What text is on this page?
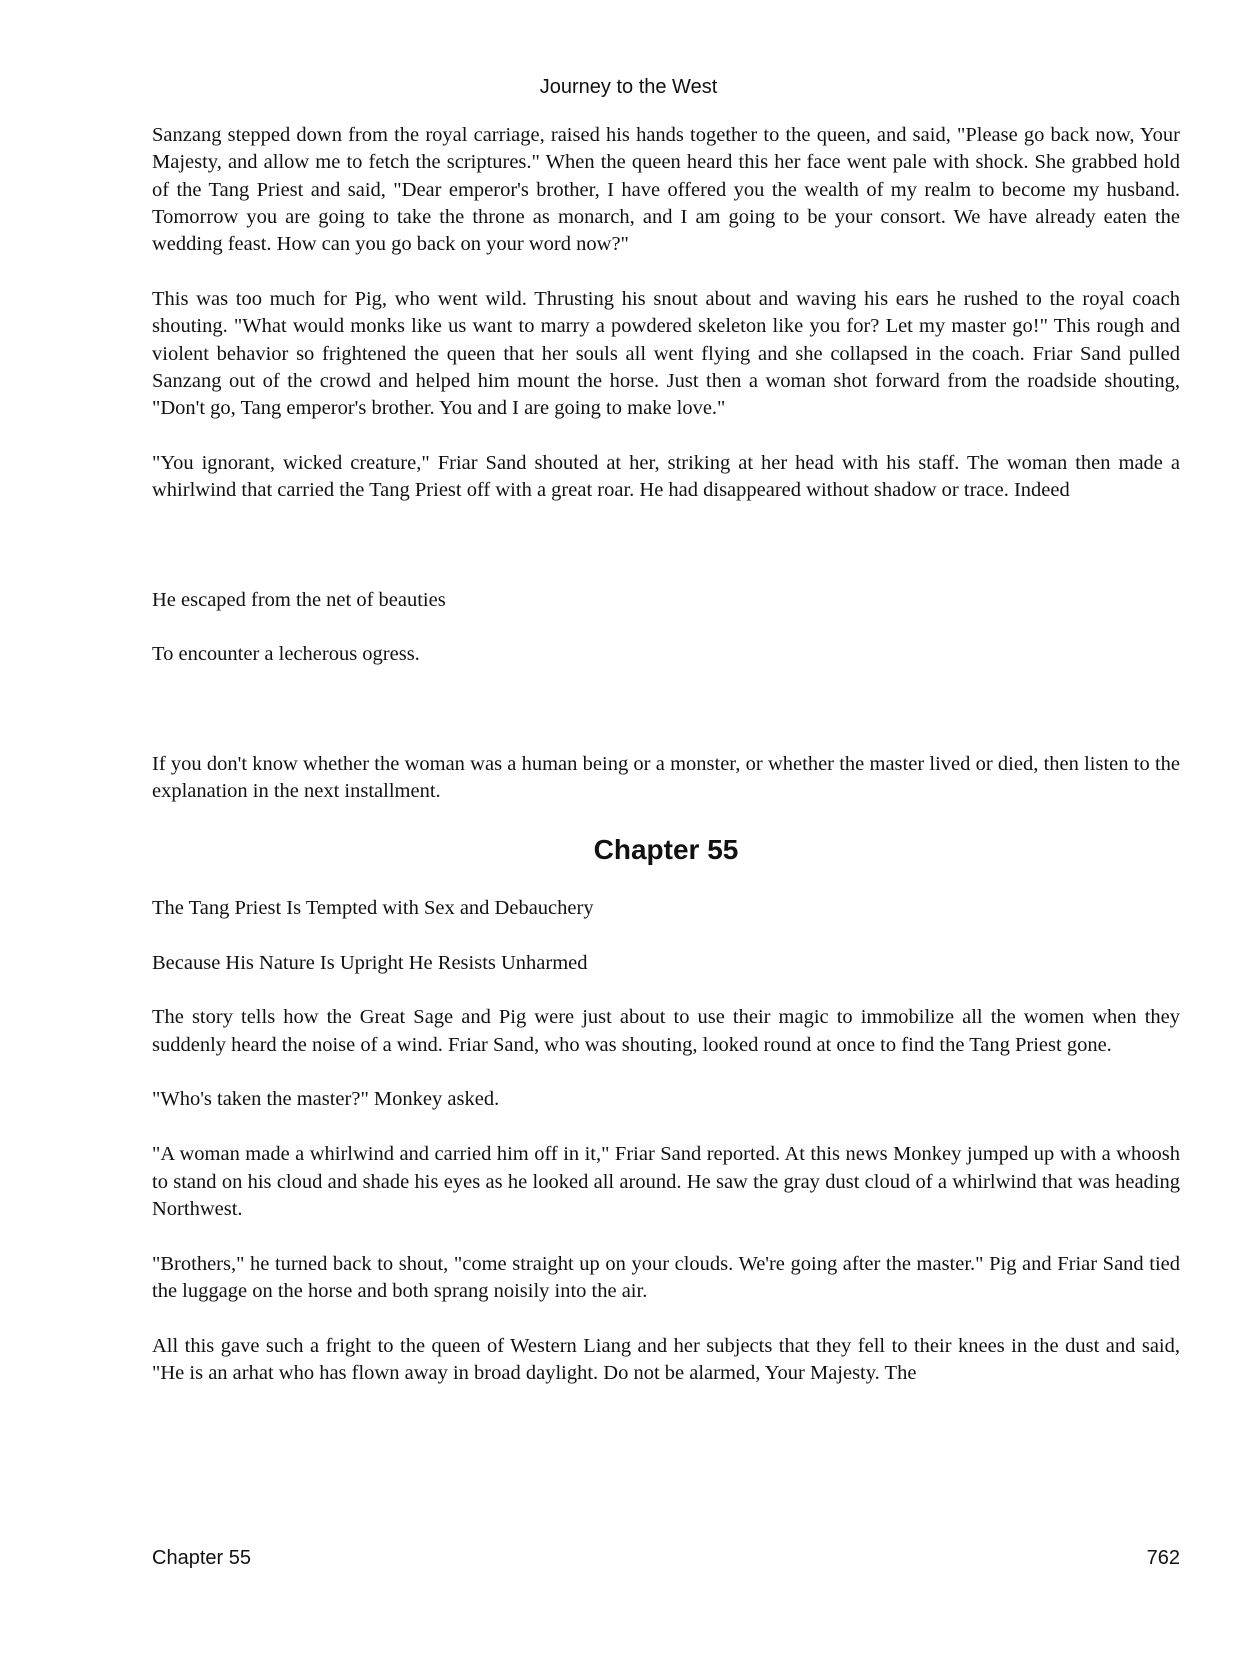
Journey to the West

Sanzang stepped down from the royal carriage, raised his hands together to the queen, and said, "Please go back now, Your Majesty, and allow me to fetch the scriptures." When the queen heard this her face went pale with shock. She grabbed hold of the Tang Priest and said, "Dear emperor's brother, I have offered you the wealth of my realm to become my husband. Tomorrow you are going to take the throne as monarch, and I am going to be your consort. We have already eaten the wedding feast. How can you go back on your word now?"

This was too much for Pig, who went wild. Thrusting his snout about and waving his ears he rushed to the royal coach shouting. "What would monks like us want to marry a powdered skeleton like you for? Let my master go!" This rough and violent behavior so frightened the queen that her souls all went flying and she collapsed in the coach. Friar Sand pulled Sanzang out of the crowd and helped him mount the horse. Just then a woman shot forward from the roadside shouting, "Don't go, Tang emperor's brother. You and I are going to make love."

"You ignorant, wicked creature," Friar Sand shouted at her, striking at her head with his staff. The woman then made a whirlwind that carried the Tang Priest off with a great roar. He had disappeared without shadow or trace. Indeed

He escaped from the net of beauties

To encounter a lecherous ogress.

If you don't know whether the woman was a human being or a monster, or whether the master lived or died, then listen to the explanation in the next installment.

Chapter 55

The Tang Priest Is Tempted with Sex and Debauchery

Because His Nature Is Upright He Resists Unharmed

The story tells how the Great Sage and Pig were just about to use their magic to immobilize all the women when they suddenly heard the noise of a wind. Friar Sand, who was shouting, looked round at once to find the Tang Priest gone.

"Who's taken the master?" Monkey asked.

"A woman made a whirlwind and carried him off in it," Friar Sand reported. At this news Monkey jumped up with a whoosh to stand on his cloud and shade his eyes as he looked all around. He saw the gray dust cloud of a whirlwind that was heading Northwest.

"Brothers," he turned back to shout, "come straight up on your clouds. We're going after the master." Pig and Friar Sand tied the luggage on the horse and both sprang noisily into the air.

All this gave such a fright to the queen of Western Liang and her subjects that they fell to their knees in the dust and said, "He is an arhat who has flown away in broad daylight. Do not be alarmed, Your Majesty. The

Chapter 55	762
